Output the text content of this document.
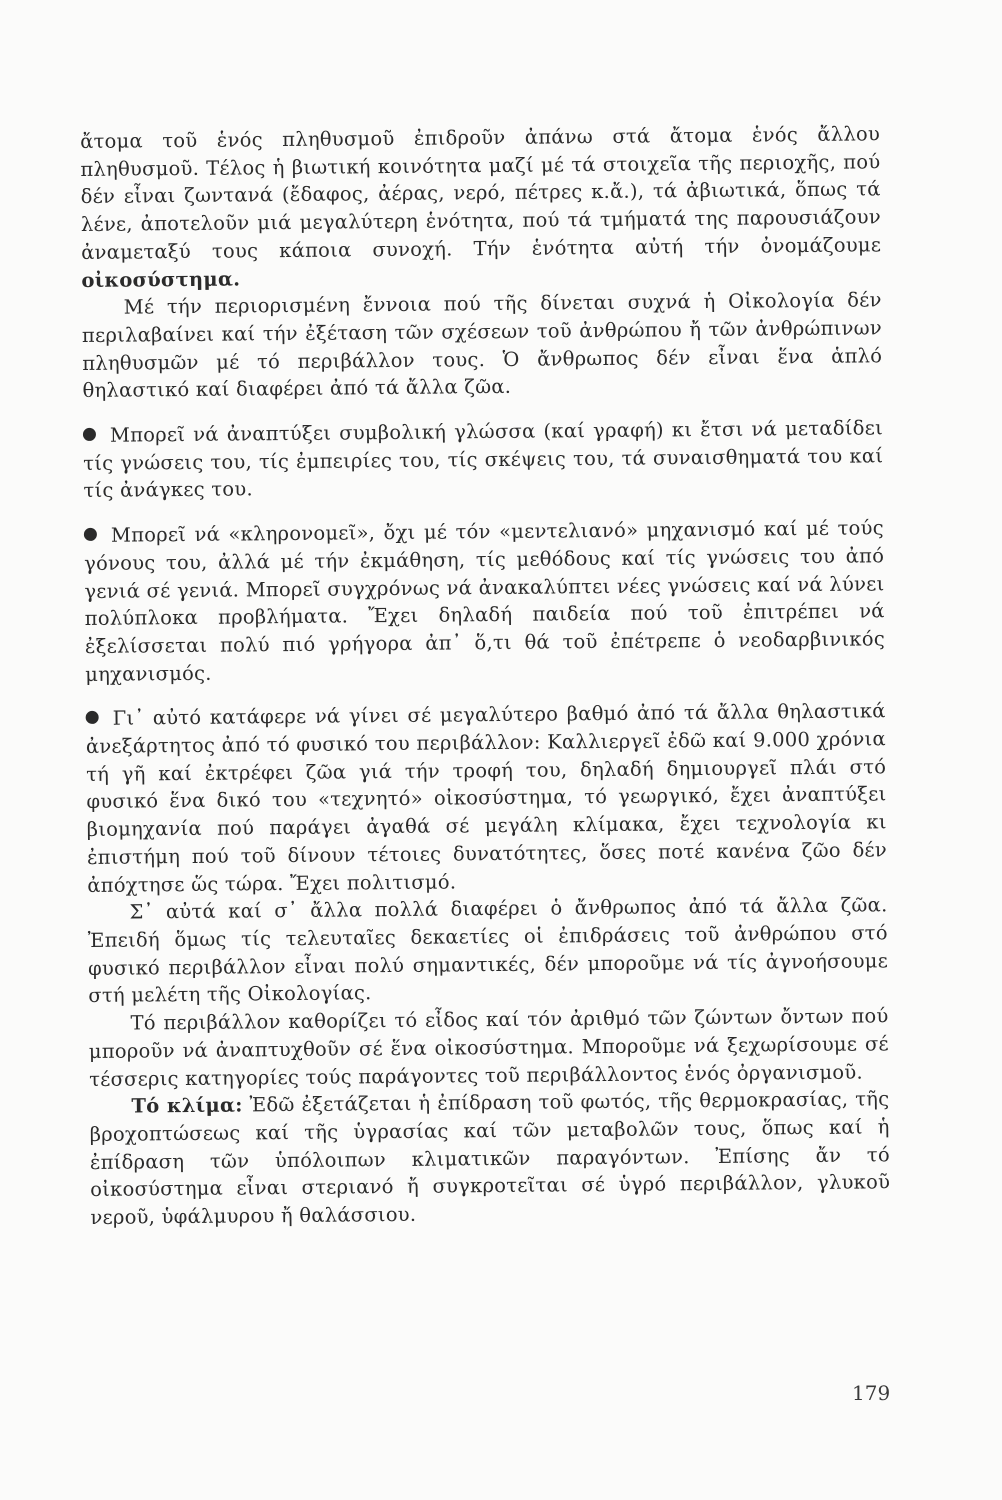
ἄτομα τοῦ ἑνός πληθυσμοῦ ἐπιδροῦν ἀπάνω στά ἄτομα ἑνός ἄλλου πληθυσμοῦ. Τέλος ἡ βιωτική κοινότητα μαζί μέ τά στοιχεῖα τῆς περιοχῆς, πού δέν εἶναι ζωντανά (ἔδαφος, ἀέρας, νερό, πέτρες κ.ἄ.), τά ἀβιωτικά, ὅπως τά λένε, ἀποτελοῦν μιά μεγαλύτερη ἑνότητα, πού τά τμήματά της παρουσιάζουν ἀναμεταξύ τους κάποια συνοχή. Τήν ἑνότητα αὐτή τήν ὀνομάζουμε οἰκοσύστημα.

Μέ τήν περιορισμένη ἔννοια πού τῆς δίνεται συχνά ἡ Οἰκολογία δέν περιλαβαίνει καί τήν ἐξέταση τῶν σχέσεων τοῦ ἀνθρώπου ἤ τῶν ἀνθρώπινων πληθυσμῶν μέ τό περιβάλλον τους. Ὁ ἄνθρωπος δέν εἶναι ἕνα ἁπλό θηλαστικό καί διαφέρει ἀπό τά ἄλλα ζῶα.

Μπορεῖ νά ἀναπτύξει συμβολική γλώσσα (καί γραφή) κι ἔτσι νά μεταδίδει τίς γνώσεις του, τίς ἐμπειρίες του, τίς σκέψεις του, τά συναισθηματά του καί τίς ἀνάγκες του.

Μπορεῖ νά «κληρονομεῖ», ὄχι μέ τόν «μεντελιανό» μηχανισμό καί μέ τούς γόνους του, ἀλλά μέ τήν ἐκμάθηση, τίς μεθόδους καί τίς γνώσεις του ἀπό γενιά σέ γενιά. Μπορεῖ συγχρόνως νά ἀνακαλύπτει νέες γνώσεις καί νά λύνει πολύπλοκα προβλήματα. Ἔχει δηλαδή παιδεία πού τοῦ ἐπιτρέπει νά ἐξελίσσεται πολύ πιό γρήγορα ἀπ᾿ ὅ,τι θά τοῦ ἐπέτρεπε ὁ νεοδαρβινικός μηχανισμός.

Γι᾿ αὐτό κατάφερε νά γίνει σέ μεγαλύτερο βαθμό ἀπό τά ἄλλα θηλαστικά ἀνεξάρτητος ἀπό τό φυσικό του περιβάλλον: Καλλιεργεῖ ἐδῶ καί 9.000 χρόνια τή γῆ καί ἐκτρέφει ζῶα γιά τήν τροφή του, δηλαδή δημιουργεῖ πλάι στό φυσικό ἕνα δικό του «τεχνητό» οἰκοσύστημα, τό γεωργικό, ἔχει ἀναπτύξει βιομηχανία πού παράγει ἀγαθά σέ μεγάλη κλίμακα, ἔχει τεχνολογία κι ἐπιστήμη πού τοῦ δίνουν τέτοιες δυνατότητες, ὅσες ποτέ κανένα ζῶο δέν ἀπόχτησε ὥς τώρα. Ἔχει πολιτισμό.

Σ᾿ αὐτά καί σ᾿ ἄλλα πολλά διαφέρει ὁ ἄνθρωπος ἀπό τά ἄλλα ζῶα. Ἐπειδή ὅμως τίς τελευταῖες δεκαετίες οἱ ἐπιδράσεις τοῦ ἀνθρώπου στό φυσικό περιβάλλον εἶναι πολύ σημαντικές, δέν μποροῦμε νά τίς ἀγνοήσουμε στή μελέτη τῆς Οἰκολογίας.

Τό περιβάλλον καθορίζει τό εἶδος καί τόν ἀριθμό τῶν ζώντων ὄντων πού μποροῦν νά ἀναπτυχθοῦν σέ ἕνα οἰκοσύστημα. Μποροῦμε νά ξεχωρίσουμε σέ τέσσερις κατηγορίες τούς παράγοντες τοῦ περιβάλλοντος ἑνός ὀργανισμοῦ.

Τό κλίμα: Ἐδῶ ἐξετάζεται ἡ ἐπίδραση τοῦ φωτός, τῆς θερμοκρασίας, τῆς βροχοπτώσεως καί τῆς ὑγρασίας καί τῶν μεταβολῶν τους, ὅπως καί ἡ ἐπίδραση τῶν ὑπόλοιπων κλιματικῶν παραγόντων. Ἐπίσης ἄν τό οἰκοσύστημα εἶναι στεριανό ἤ συγκροτεῖται σέ ὑγρό περιβάλλον, γλυκοῦ νεροῦ, ὑφάλμυρου ἤ θαλάσσιου.

179
